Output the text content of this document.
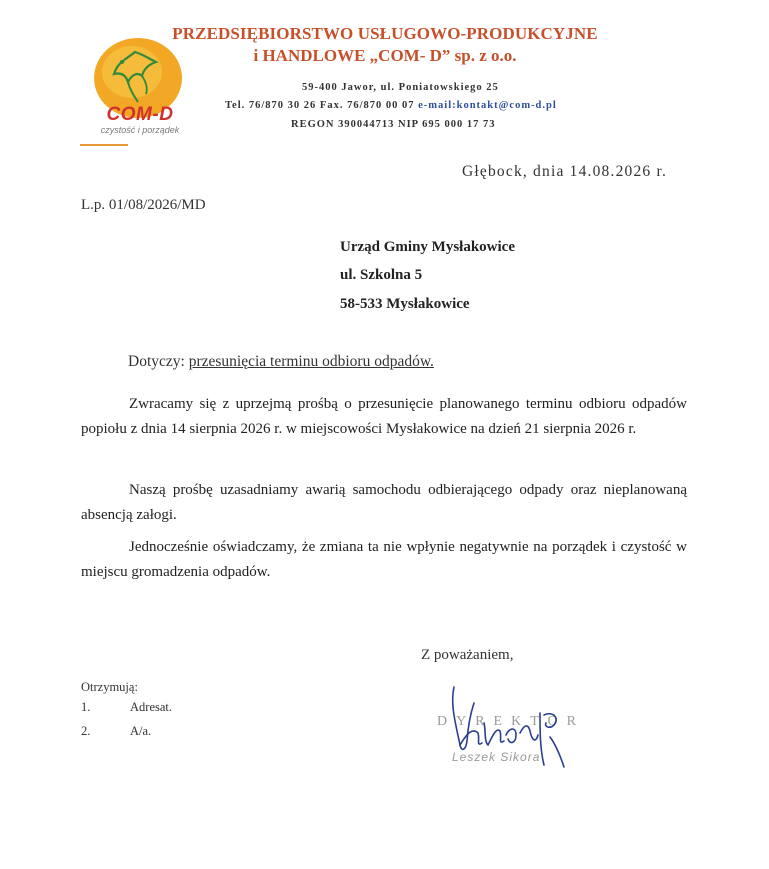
COM-D
czystość i porządek
PRZEDSIĘBIORSTWO USŁUGOWO-PRODUKCYJNE
i HANDLOWE „COM- D” sp. z o.o.
59-400 Jawor, ul. Poniatowskiego 25
Tel. 76/870 30 26 Fax. 76/870 00 07 e-mail:kontakt@com-d.pl
REGON 390044713 NIP 695 000 17 73
Głębock, dnia 14.08.2026 r.
L.p. 01/08/2026/MD
Urząd Gminy Mysłakowice
ul. Szkolna 5
58-533 Mysłakowice
Dotyczy: przesunięcia terminu odbioru odpadów.

Zwracamy się z uprzejmą prośbą o przesunięcie planowanego terminu odbioru odpadów popiołu z dnia 14 sierpnia 2026 r. w miejscowości Mysłakowice na dzień 21 sierpnia 2026 r.

Naszą prośbę uzasadniamy awarią samochodu odbierającego odpady oraz nieplanowaną absencją załogi.

Jednocześnie oświadczamy, że zmiana ta nie wpłynie negatywnie na porządek i czystość w miejscu gromadzenia odpadów.

Z poważaniem,
Otrzymują:
1.	Adresat.
2.	A/a.
DYREKTOR
Leszek Sikora
